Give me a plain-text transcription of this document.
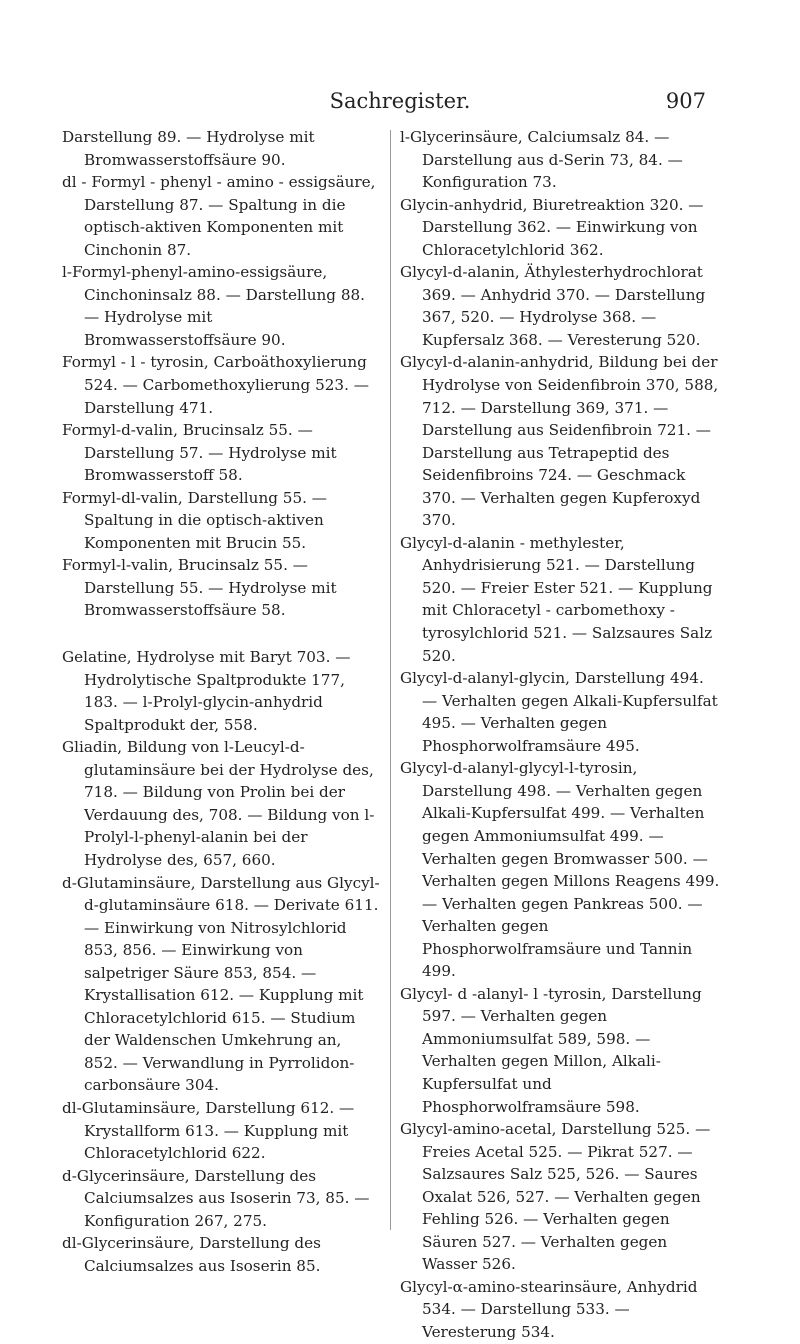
Sachregister.	907

Darstellung 89. — Hydrolyse mit Bromwasserstoffsäure 90.

dl - Formyl - phenyl - amino - essigsäure, Darstellung 87. — Spaltung in die optisch-aktiven Komponenten mit Cinchonin 87.

l-Formyl-phenyl-amino-essigsäure, Cinchoninsalz 88. — Darstellung 88. — Hydrolyse mit Bromwasserstoffsäure 90.

Formyl - l - tyrosin, Carboäthoxylierung 524. — Carbomethoxylierung 523. — Darstellung 471.

Formyl-d-valin, Brucinsalz 55. — Darstellung 57. — Hydrolyse mit Bromwasserstoff 58.

Formyl-dl-valin, Darstellung 55. — Spaltung in die optisch-aktiven Komponenten mit Brucin 55.

Formyl-l-valin, Brucinsalz 55. — Darstellung 55. — Hydrolyse mit Bromwasserstoffsäure 58.

Gelatine, Hydrolyse mit Baryt 703. — Hydrolytische Spaltprodukte 177, 183. — l-Prolyl-glycin-anhydrid Spaltprodukt der, 558.

Gliadin, Bildung von l-Leucyl-d-glutaminsäure bei der Hydrolyse des, 718. — Bildung von Prolin bei der Verdauung des, 708. — Bildung von l-Prolyl-l-phenyl-alanin bei der Hydrolyse des, 657, 660.

d-Glutaminsäure, Darstellung aus Glycyl-d-glutaminsäure 618. — Derivate 611. — Einwirkung von Nitrosylchlorid 853, 856. — Einwirkung von salpetriger Säure 853, 854. — Krystallisation 612. — Kupplung mit Chloracetylchlorid 615. — Studium der Waldenschen Umkehrung an, 852. — Verwandlung in Pyrrolidon-carbonsäure 304.

dl-Glutaminsäure, Darstellung 612. — Krystallform 613. — Kupplung mit Chloracetylchlorid 622.

d-Glycerinsäure, Darstellung des Calciumsalzes aus Isoserin 73, 85. — Konfiguration 267, 275.

dl-Glycerinsäure, Darstellung des Calciumsalzes aus Isoserin 85.

l-Glycerinsäure, Calciumsalz 84. — Darstellung aus d-Serin 73, 84. — Konfiguration 73.

Glycin-anhydrid, Biuretreaktion 320. — Darstellung 362. — Einwirkung von Chloracetylchlorid 362.

Glycyl-d-alanin, Äthylesterhydrochlorat 369. — Anhydrid 370. — Darstellung 367, 520. — Hydrolyse 368. — Kupfersalz 368. — Veresterung 520.

Glycyl-d-alanin-anhydrid, Bildung bei der Hydrolyse von Seidenfibroin 370, 588, 712. — Darstellung 369, 371. — Darstellung aus Seidenfibroin 721. — Darstellung aus Tetrapeptid des Seidenfibroins 724. — Geschmack 370. — Verhalten gegen Kupferoxyd 370.

Glycyl-d-alanin - methylester, Anhydrisierung 521. — Darstellung 520. — Freier Ester 521. — Kupplung mit Chloracetyl - carbomethoxy - tyrosylchlorid 521. — Salzsaures Salz 520.

Glycyl-d-alanyl-glycin, Darstellung 494. — Verhalten gegen Alkali-Kupfersulfat 495. — Verhalten gegen Phosphorwolframsäure 495.

Glycyl-d-alanyl-glycyl-l-tyrosin, Darstellung 498. — Verhalten gegen Alkali-Kupfersulfat 499. — Verhalten gegen Ammoniumsulfat 499. — Verhalten gegen Bromwasser 500. — Verhalten gegen Millons Reagens 499. — Verhalten gegen Pankreas 500. — Verhalten gegen Phosphorwolframsäure und Tannin 499.

Glycyl- d -alanyl- l -tyrosin, Darstellung 597. — Verhalten gegen Ammoniumsulfat 589, 598. — Verhalten gegen Millon, Alkali-Kupfersulfat und Phosphorwolframsäure 598.

Glycyl-amino-acetal, Darstellung 525. — Freies Acetal 525. — Pikrat 527. — Salzsaures Salz 525, 526. — Saures Oxalat 526, 527. — Verhalten gegen Fehling 526. — Verhalten gegen Säuren 527. — Verhalten gegen Wasser 526.

Glycyl-α-amino-stearinsäure, Anhydrid 534. — Darstellung 533. — Veresterung 534.
